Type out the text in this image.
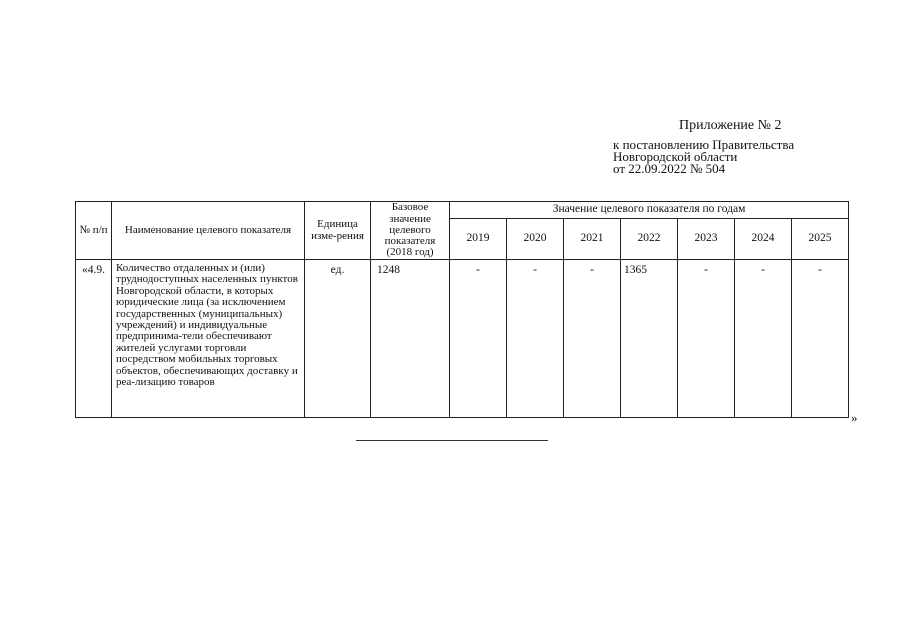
Приложение № 2
к постановлению Правительства
Новгородской области
от 22.09.2022 № 504
№ п/п	Наименование целевого показателя	Единица изме-рения	Базовое значение целевого показателя (2018 год)	Значение целевого показателя по годам						
				2019	2020	2021	2022	2023	2024	2025
«4.9.	Количество отдаленных и (или) труднодоступных населенных пунктов Новгородской области, в которых юридические лица (за исключением государственных (муниципальных) учреждений) и индивидуальные предпринима-тели обеспечивают жителей услугами торговли посредством мобильных торговых объектов, обеспечивающих доставку и реа-лизацию товаров	ед.	1248	-	-	-	1365	-	-	-
»
